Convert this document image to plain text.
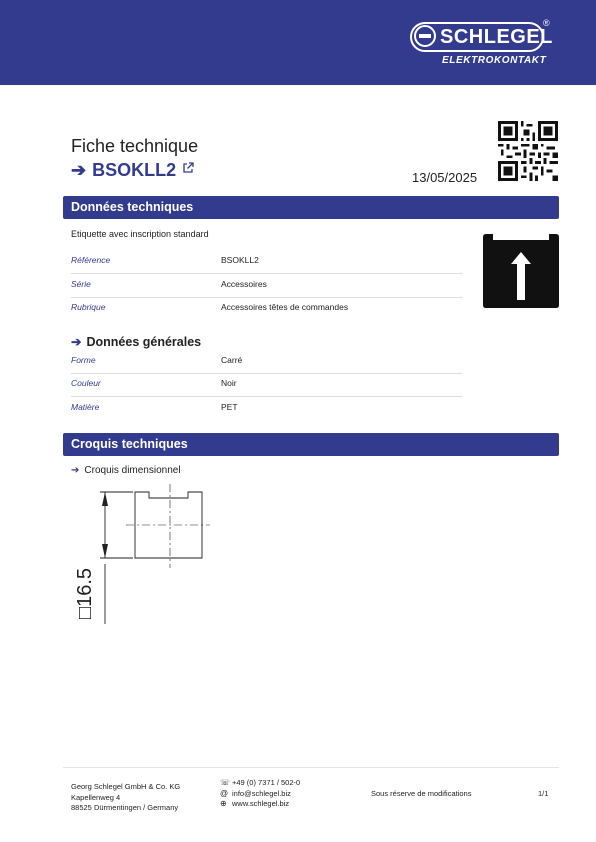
SCHLEGEL
®
ELEKTROKONTAKT
Fiche technique
➔ BSOKLL2	13/05/2025
Données techniques
Etiquette avec inscription standard
Référence	BSOKLL2
Série	Accessoires
Rubrique	Accessoires têtes de commandes
➔ Données générales
Forme	Carré
Couleur	Noir
Matière	PET
Croquis techniques
➔ Croquis dimensionnel
□16.5
Georg Schlegel GmbH & Co. KG
Kapellenweg 4
88525 Dürmentingen / Germany
☏ +49 (0) 7371 / 502-0
@ info@schlegel.biz
⊕ www.schlegel.biz
Sous réserve de modifications	1/1
